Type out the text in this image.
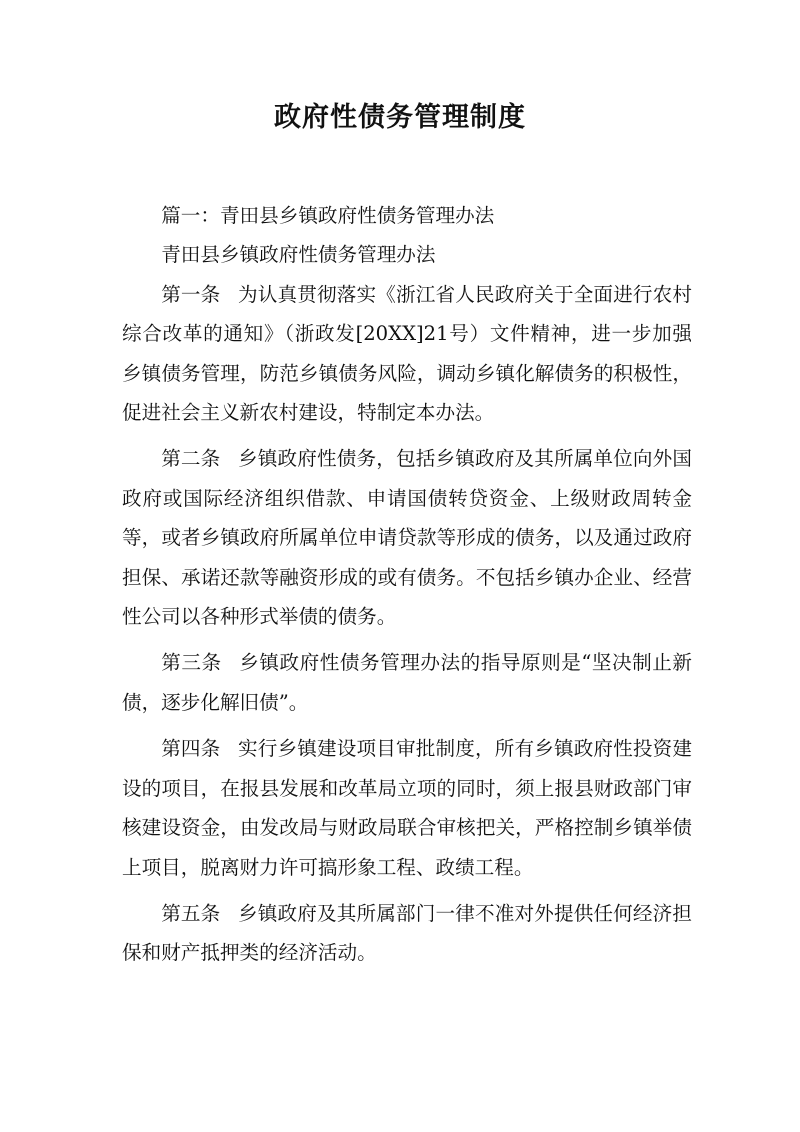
政府性债务管理制度

篇一：青田县乡镇政府性债务管理办法

青田县乡镇政府性债务管理办法

第一条 为认真贯彻落实《浙江省人民政府关于全面进行农村综合改革的通知》（浙政发[20XX]21号）文件精神，进一步加强乡镇债务管理，防范乡镇债务风险，调动乡镇化解债务的积极性，促进社会主义新农村建设，特制定本办法。

第二条 乡镇政府性债务，包括乡镇政府及其所属单位向外国政府或国际经济组织借款、申请国债转贷资金、上级财政周转金等，或者乡镇政府所属单位申请贷款等形成的债务，以及通过政府担保、承诺还款等融资形成的或有债务。不包括乡镇办企业、经营性公司以各种形式举债的债务。

第三条 乡镇政府性债务管理办法的指导原则是“坚决制止新债，逐步化解旧债”。

第四条 实行乡镇建设项目审批制度，所有乡镇政府性投资建设的项目，在报县发展和改革局立项的同时，须上报县财政部门审核建设资金，由发改局与财政局联合审核把关，严格控制乡镇举债上项目，脱离财力许可搞形象工程、政绩工程。

第五条 乡镇政府及其所属部门一律不准对外提供任何经济担保和财产抵押类的经济活动。
